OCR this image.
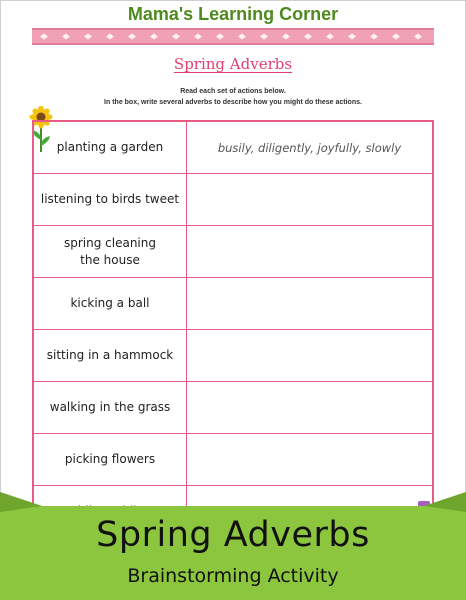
Mama's Learning Corner
Spring Adverbs
Read each set of actions below.
In the box, write several adverbs to describe how you might do these actions.
planting a garden	busily, diligently, joyfully, slowly
listening to birds tweet
spring cleaning
the house
kicking a ball
sitting in a hammock
walking in the grass
picking flowers
Spring Adverbs
Brainstorming Activity
